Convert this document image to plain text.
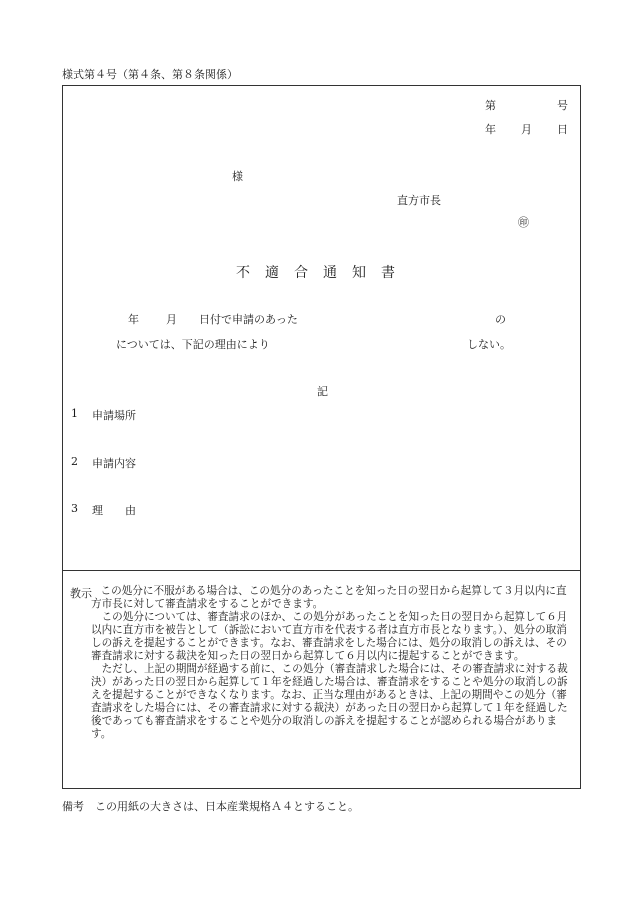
様式第４号（第４条、第８条関係）
第	号
年 月 日
様
直方市長
㊞
不適合通知書
年 月 日付で申請のあった	の
については、下記の理由により	しない。
記
1 申請場所
2 申請内容
3 理　　由
教示 この処分に不服がある場合は、この処分のあったことを知った日の翌日から起算して３月以内に直方市長に対して審査請求をすることができます。

この処分については、審査請求のほか、この処分があったことを知った日の翌日から起算して６月以内に直方市を被告として（訴訟において直方市を代表する者は直方市長となります。）、処分の取消しの訴えを提起することができます。なお、審査請求をした場合には、処分の取消しの訴えは、その審査請求に対する裁決を知った日の翌日から起算して６月以内に提起することができます。

ただし、上記の期間が経過する前に、この処分（審査請求した場合には、その審査請求に対する裁決）があった日の翌日から起算して１年を経過した場合は、審査請求をすることや処分の取消しの訴えを提起することができなくなります。なお、正当な理由があるときは、上記の期間やこの処分（審査請求をした場合には、その審査請求に対する裁決）があった日の翌日から起算して１年を経過した後であっても審査請求をすることや処分の取消しの訴えを提起することが認められる場合があります。

備考　この用紙の大きさは、日本産業規格Ａ４とすること。
